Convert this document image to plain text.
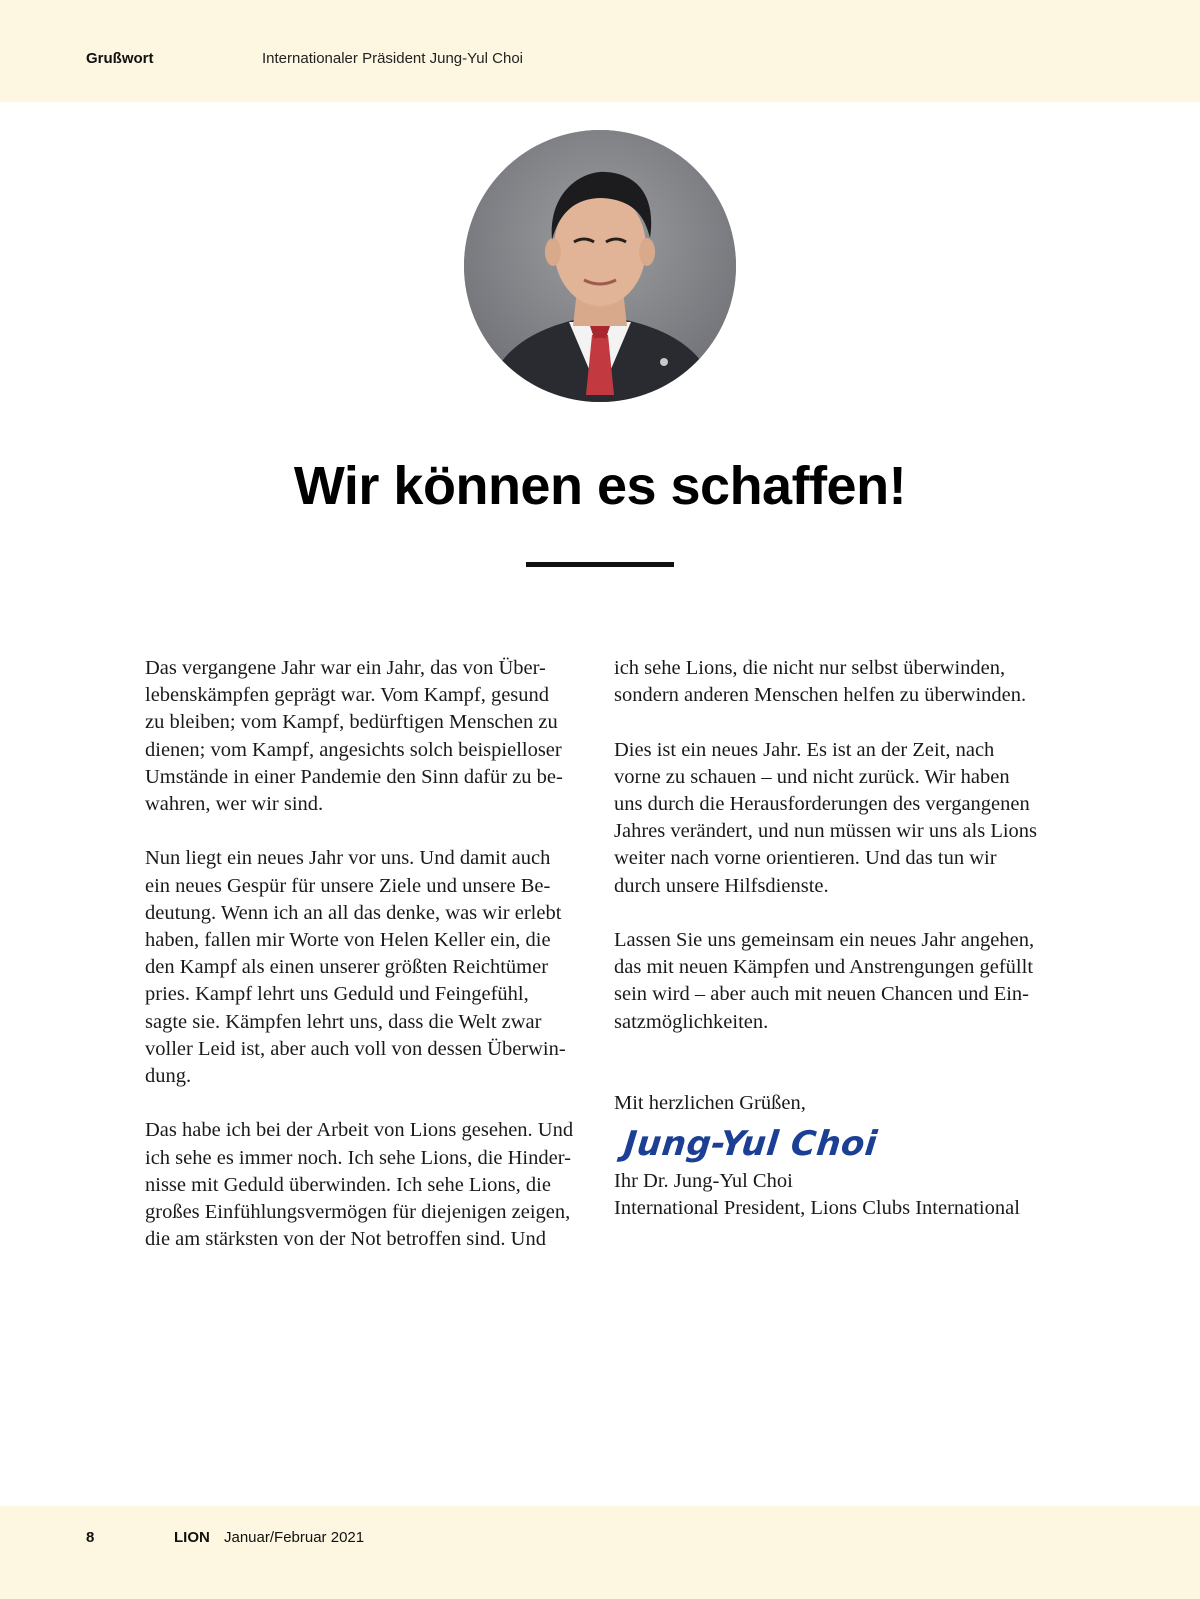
Grußwort	Internationaler Präsident Jung-Yul Choi
Wir können es schaffen!

Das vergangene Jahr war ein Jahr, das von Über-
lebenskämpfen geprägt war. Vom Kampf, gesund
zu bleiben; vom Kampf, bedürftigen Menschen zu
dienen; vom Kampf, angesichts solch beispielloser
Umstände in einer Pandemie den Sinn dafür zu be-
wahren, wer wir sind.

Nun liegt ein neues Jahr vor uns. Und damit auch
ein neues Gespür für unsere Ziele und unsere Be-
deutung. Wenn ich an all das denke, was wir erlebt
haben, fallen mir Worte von Helen Keller ein, die
den Kampf als einen unserer größten Reichtümer
pries. Kampf lehrt uns Geduld und Feingefühl,
sagte sie. Kämpfen lehrt uns, dass die Welt zwar
voller Leid ist, aber auch voll von dessen Überwin-
dung.

Das habe ich bei der Arbeit von Lions gesehen. Und
ich sehe es immer noch. Ich sehe Lions, die Hinder-
nisse mit Geduld überwinden. Ich sehe Lions, die
großes Einfühlungsvermögen für diejenigen zeigen,
die am stärksten von der Not betroffen sind. Und

ich sehe Lions, die nicht nur selbst überwinden,
sondern anderen Menschen helfen zu überwinden.

Dies ist ein neues Jahr. Es ist an der Zeit, nach
vorne zu schauen – und nicht zurück. Wir haben
uns durch die Herausforderungen des vergangenen
Jahres verändert, und nun müssen wir uns als Lions
weiter nach vorne orientieren. Und das tun wir
durch unsere Hilfsdienste.

Lassen Sie uns gemeinsam ein neues Jahr angehen,
das mit neuen Kämpfen und Anstrengungen gefüllt
sein wird – aber auch mit neuen Chancen und Ein-
satzmöglichkeiten.

Mit herzlichen Grüßen,

Jung-Yul Choi

Ihr Dr. Jung-Yul Choi

International President, Lions Clubs International

8	LION Januar/Februar 2021
